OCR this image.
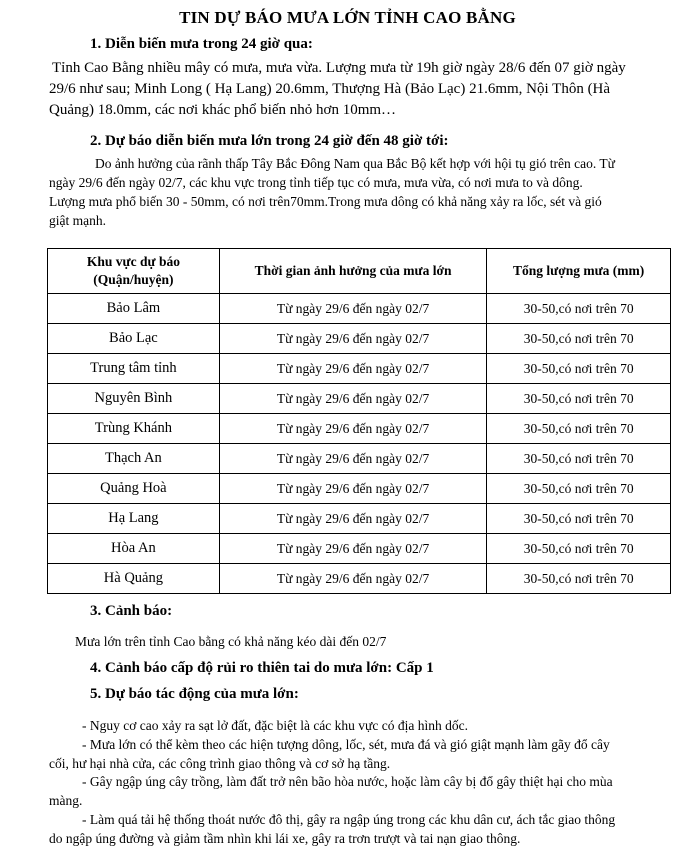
TIN DỰ BÁO MƯA LỚN TỈNH CAO BẰNG
1. Diễn biến mưa trong 24 giờ qua:
Tỉnh Cao Bằng nhiều mây có mưa, mưa vừa. Lượng mưa từ 19h giờ ngày 28/6 đến 07 giờ ngày
29/6 như sau; Minh Long ( Hạ Lang) 20.6mm, Thượng Hà (Bảo Lạc) 21.6mm, Nội Thôn (Hà
Quảng) 18.0mm, các nơi khác phổ biến nhỏ hơn 10mm…
2. Dự báo diễn biến mưa lớn trong 24 giờ đến 48 giờ tới:
Do ảnh hưởng của rãnh thấp Tây Bắc Đông Nam qua Bắc Bộ kết hợp với hội tụ gió trên cao. Từ
ngày 29/6 đến ngày 02/7, các khu vực trong tỉnh tiếp tục có mưa, mưa vừa, có nơi mưa to và dông.
Lượng mưa phổ biến 30 - 50mm, có nơi trên70mm.Trong mưa dông có khả năng xảy ra lốc, sét và gió
giật mạnh.
Khu vực dự báo
(Quận/huyện)	Thời gian ảnh hưởng của mưa lớn	Tổng lượng mưa (mm)
Bảo Lâm	Từ ngày 29/6 đến ngày 02/7	30-50,có nơi trên 70
Bảo Lạc	Từ ngày 29/6 đến ngày 02/7	30-50,có nơi trên 70
Trung tâm tỉnh	Từ ngày 29/6 đến ngày 02/7	30-50,có nơi trên 70
Nguyên Bình	Từ ngày 29/6 đến ngày 02/7	30-50,có nơi trên 70
Trùng Khánh	Từ ngày 29/6 đến ngày 02/7	30-50,có nơi trên 70
Thạch An	Từ ngày 29/6 đến ngày 02/7	30-50,có nơi trên 70
Quảng Hoà	Từ ngày 29/6 đến ngày 02/7	30-50,có nơi trên 70
Hạ Lang	Từ ngày 29/6 đến ngày 02/7	30-50,có nơi trên 70
Hòa An	Từ ngày 29/6 đến ngày 02/7	30-50,có nơi trên 70
Hà Quảng	Từ ngày 29/6 đến ngày 02/7	30-50,có nơi trên 70
3. Cảnh báo:
Mưa lớn trên tỉnh Cao bằng có khả năng kéo dài đến 02/7
4. Cảnh báo cấp độ rủi ro thiên tai do mưa lớn: Cấp 1
5. Dự báo tác động của mưa lớn:
- Nguy cơ cao xảy ra sạt lở đất, đặc biệt là các khu vực có địa hình dốc.
- Mưa lớn có thể kèm theo các hiện tượng dông, lốc, sét, mưa đá và gió giật mạnh làm gãy đổ cây
cối, hư hại nhà cửa, các công trình giao thông và cơ sở hạ tầng.
- Gây ngập úng cây trồng, làm đất trở nên bão hòa nước, hoặc làm cây bị đổ gây thiệt hại cho mùa
màng.
- Làm quá tải hệ thống thoát nước đô thị, gây ra ngập úng trong các khu dân cư, ách tắc giao thông
do ngập úng đường và giảm tầm nhìn khi lái xe, gây ra trơn trượt và tai nạn giao thông.
